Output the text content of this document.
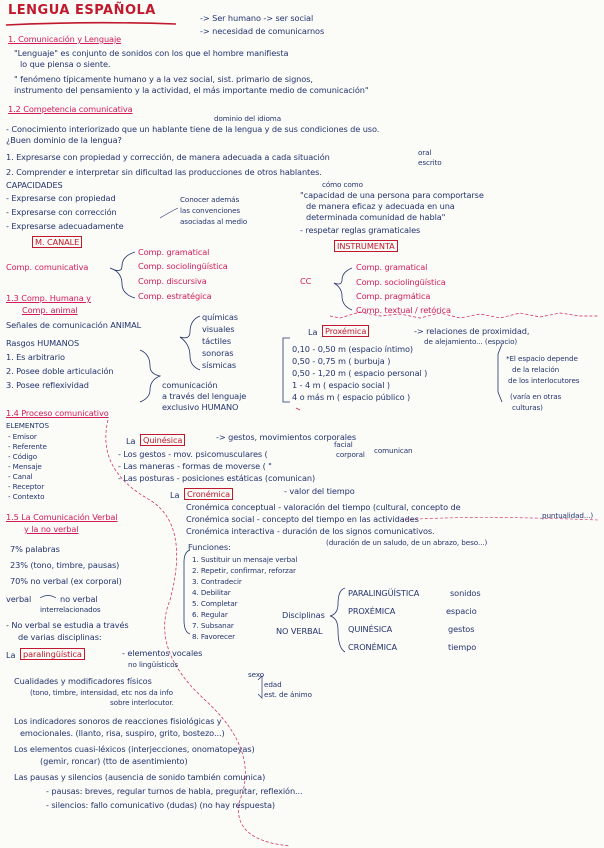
LENGUA ESPAÑOLA	-> Ser humano -> ser social
-> necesidad de comunicarnos
1. Comunicación y Lenguaje
"Lenguaje" es conjunto de sonidos con los que el hombre manifiesta
lo que piensa o siente.
" fenómeno típicamente humano y a la vez social, sist. primario de signos,
instrumento del pensamiento y la actividad, el más importante medio de comunicación"
1.2 Competencia comunicativa
dominio del idioma
- Conocimiento interiorizado que un hablante tiene de la lengua y de sus condiciones de uso.
¿Buen dominio de la lengua?
1. Expresarse con propiedad y corrección, de manera adecuada a cada situación	oral
escrito
2. Comprender e interpretar sin dificultad las producciones de otros hablantes.
CAPACIDADES
- Expresarse con propiedad
- Expresarse con corrección
- Expresarse adecuadamente
Conocer además
las convenciones
asociadas al medio
cómo como
"capacidad de una persona para comportarse
de manera eficaz y adecuada en una
determinada comunidad de habla"
- respetar reglas gramaticales
M. CANALE
Comp. comunicativa
Comp. gramatical
Comp. sociolingüística
Comp. discursiva
Comp. estratégica
INSTRUMENTA
CC
Comp. gramatical
Comp. sociolingüística
Comp. pragmática
Comp. textual / retórica
1.3 Comp. Humana y
Comp. animal
Señales de comunicación ANIMAL
químicas
visuales
táctiles
sonoras
sísmicas
Rasgos HUMANOS
1. Es arbitrario
2. Posee doble articulación
3. Posee reflexividad	comunicación
a través del lenguaje
exclusivo HUMANO
La Proxémica	-> relaciones de proximidad,
de alejamiento... (espacio)
0,10 - 0,50 m (espacio íntimo)
0,50 - 0,75 m ( burbuja )
0,50 - 1,20 m ( espacio personal )
1 - 4 m ( espacio social )
4 o más m ( espacio público )
*El espacio depende
de la relación
de los interlocutores
(varía en otras
culturas)
1.4 Proceso comunicativo
ELEMENTOS
- Emisor
- Referente
- Código
- Mensaje
- Canal
- Receptor
- Contexto
La Quinésica	-> gestos, movimientos corporales
facial
corporal comunican
- Los gestos - mov. psicomusculares (
- Las maneras - formas de moverse ( "
- Las posturas - posiciones estáticas (comunican)
La Cronémica	- valor del tiempo
Cronémica conceptual - valoración del tiempo (cultural, concepto de
puntualidad...)
Cronémica social - concepto del tiempo en las actividades
Cronémica interactiva - duración de los signos comunicativos.
(duración de un saludo, de un abrazo, beso...)
1.5 La Comunicación Verbal
y la no verbal
7% palabras
23% (tono, timbre, pausas)
70% no verbal (ex corporal)
verbal	no verbal
interrelacionados
- No verbal se estudia a través
de varias disciplinas:
Funciones:
1. Sustituir un mensaje verbal
2. Repetir, confirmar, reforzar
3. Contradecir
4. Debilitar
5. Completar
6. Regular
7. Subsanar
8. Favorecer
Disciplinas
NO VERBAL
PARALINGÜÍSTICA	sonidos
PROXÉMICA	espacio
QUINÉSICA	gestos
CRONÉMICA	tiempo
La paralingüística	- elementos vocales
no lingüísticos
Cualidades y modificadores físicos
(tono, timbre, intensidad, etc nos da info
sobre interlocutor.
sexo
edad
est. de ánimo
Los indicadores sonoros de reacciones fisiológicas y
emocionales. (llanto, risa, suspiro, grito, bostezo...)
Los elementos cuasi-léxicos (interjecciones, onomatopeyas)
(gemir, roncar) (tto de asentimiento)
Las pausas y silencios (ausencia de sonido también comunica)
- pausas: breves, regular turnos de habla, preguntar, reflexión...
- silencios: fallo comunicativo (dudas) (no hay respuesta)
